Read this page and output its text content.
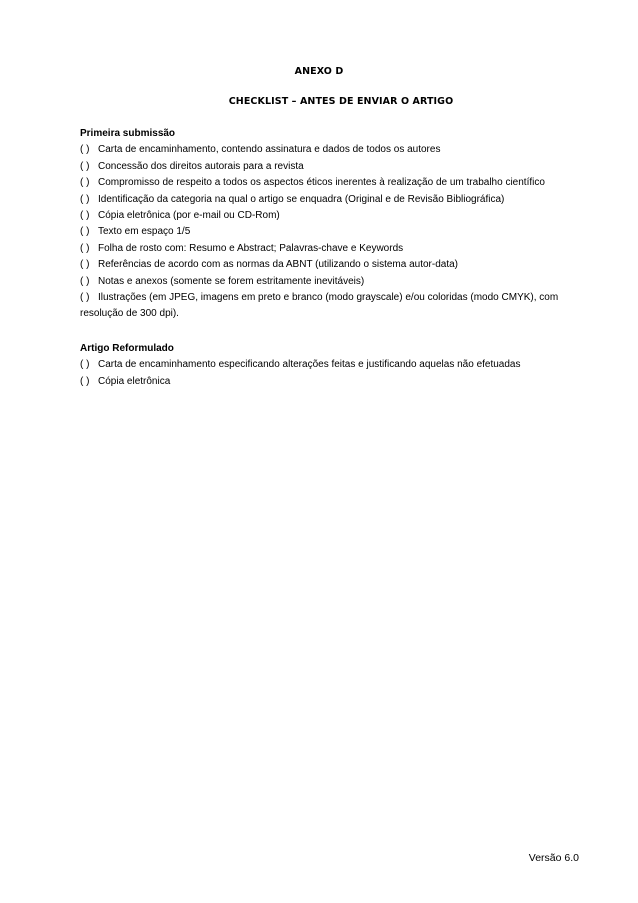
ANEXO D
CHECKLIST – ANTES DE ENVIAR O ARTIGO

Primeira submissão

( ) Carta de encaminhamento, contendo assinatura e dados de todos os autores
( ) Concessão dos direitos autorais para a revista
( ) Compromisso de respeito a todos os aspectos éticos inerentes à realização de um trabalho científico
( ) Identificação da categoria na qual o artigo se enquadra (Original e de Revisão Bibliográfica)
( ) Cópia eletrônica (por e-mail ou CD-Rom)
( ) Texto em espaço 1/5
( ) Folha de rosto com: Resumo e Abstract; Palavras-chave e Keywords
( ) Referências de acordo com as normas da ABNT (utilizando o sistema autor-data)
( ) Notas e anexos (somente se forem estritamente inevitáveis)
( ) Ilustrações (em JPEG, imagens em preto e branco (modo grayscale) e/ou coloridas (modo CMYK), com resolução de 300 dpi).

Artigo Reformulado

( ) Carta de encaminhamento especificando alterações feitas e justificando aquelas não efetuadas
( ) Cópia eletrônica
Versão 6.0
